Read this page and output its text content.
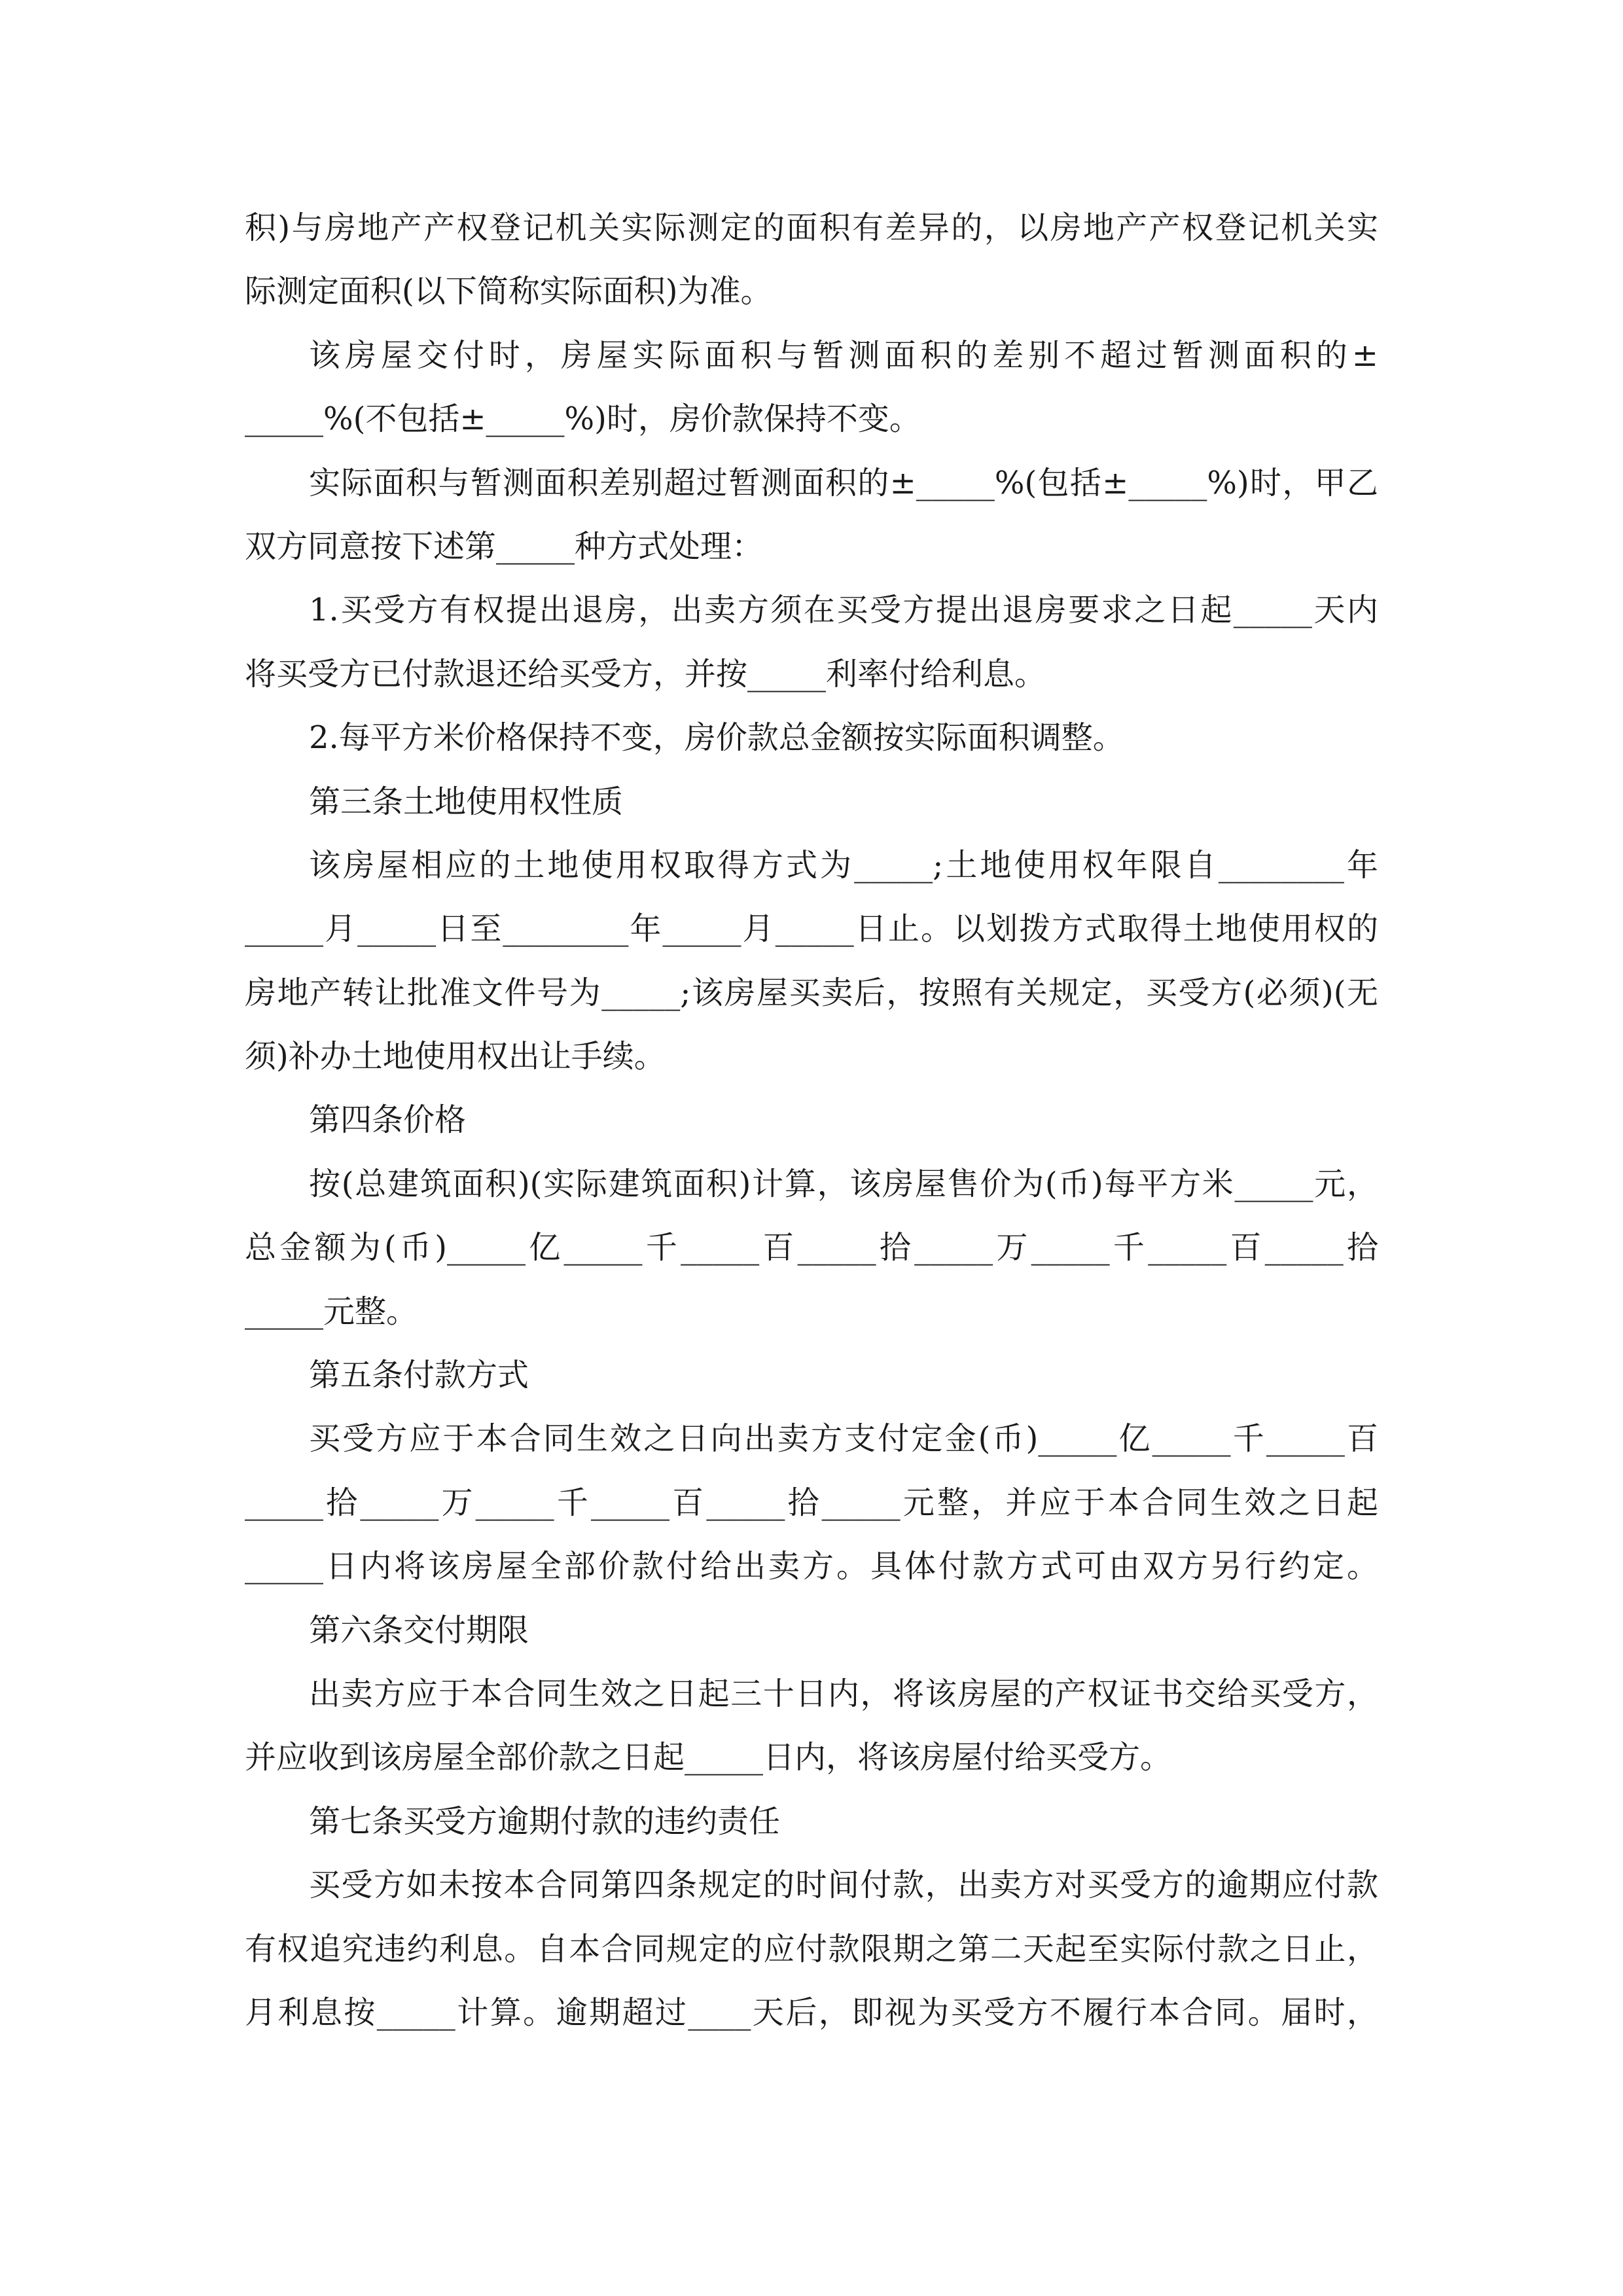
积)与房地产产权登记机关实际测定的面积有差异的，以房地产产权登记机关实
际测定面积(以下简称实际面积)为准。
该房屋交付时，房屋实际面积与暂测面积的差别不超过暂测面积的±
_____%(不包括±_____%)时，房价款保持不变。
实际面积与暂测面积差别超过暂测面积的±_____%(包括±_____%)时，甲乙
双方同意按下述第_____种方式处理：
1.买受方有权提出退房，出卖方须在买受方提出退房要求之日起_____天内
将买受方已付款退还给买受方，并按_____利率付给利息。
2.每平方米价格保持不变，房价款总金额按实际面积调整。
第三条土地使用权性质
该房屋相应的土地使用权取得方式为_____;土地使用权年限自________年
_____月_____日至________年_____月_____日止。以划拨方式取得土地使用权的
房地产转让批准文件号为_____;该房屋买卖后，按照有关规定，买受方(必须)(无
须)补办土地使用权出让手续。
第四条价格
按(总建筑面积)(实际建筑面积)计算，该房屋售价为(币)每平方米_____元，
总金额为(币)_____亿_____千_____百_____拾_____万_____千_____百_____拾
_____元整。
第五条付款方式
买受方应于本合同生效之日向出卖方支付定金(币)_____亿_____千_____百
_____拾_____万_____千_____百_____拾_____元整，并应于本合同生效之日起
_____日内将该房屋全部价款付给出卖方。具体付款方式可由双方另行约定。
第六条交付期限
出卖方应于本合同生效之日起三十日内，将该房屋的产权证书交给买受方，
并应收到该房屋全部价款之日起_____日内，将该房屋付给买受方。
第七条买受方逾期付款的违约责任
买受方如未按本合同第四条规定的时间付款，出卖方对买受方的逾期应付款
有权追究违约利息。自本合同规定的应付款限期之第二天起至实际付款之日止，
月利息按_____计算。逾期超过____天后，即视为买受方不履行本合同。届时，
